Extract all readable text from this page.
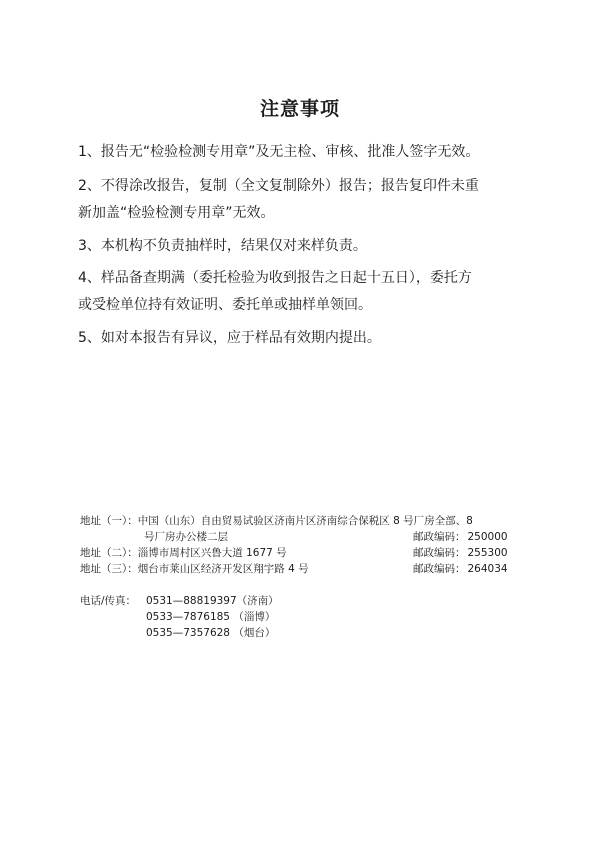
注意事项
1、报告无“检验检测专用章”及无主检、审核、批准人签字无效。
2、不得涂改报告，复制（全文复制除外）报告；报告复印件未重
新加盖“检验检测专用章”无效。
3、本机构不负责抽样时，结果仅对来样负责。
4、样品备查期满（委托检验为收到报告之日起十五日），委托方
或受检单位持有效证明、委托单或抽样单领回。
5、如对本报告有异议，应于样品有效期内提出。
地址（一）：中国（山东）自由贸易试验区济南片区济南综合保税区 8 号厂房全部、8
号厂房办公楼二层	邮政编码： 250000
地址（二）：淄博市周村区兴鲁大道 1677 号	邮政编码： 255300
地址（三）：烟台市莱山区经济开发区翔宇路 4 号	邮政编码： 264034
电话/传真： 0531—88819397（济南）
0533—7876185 （淄博）
0535—7357628 （烟台）
